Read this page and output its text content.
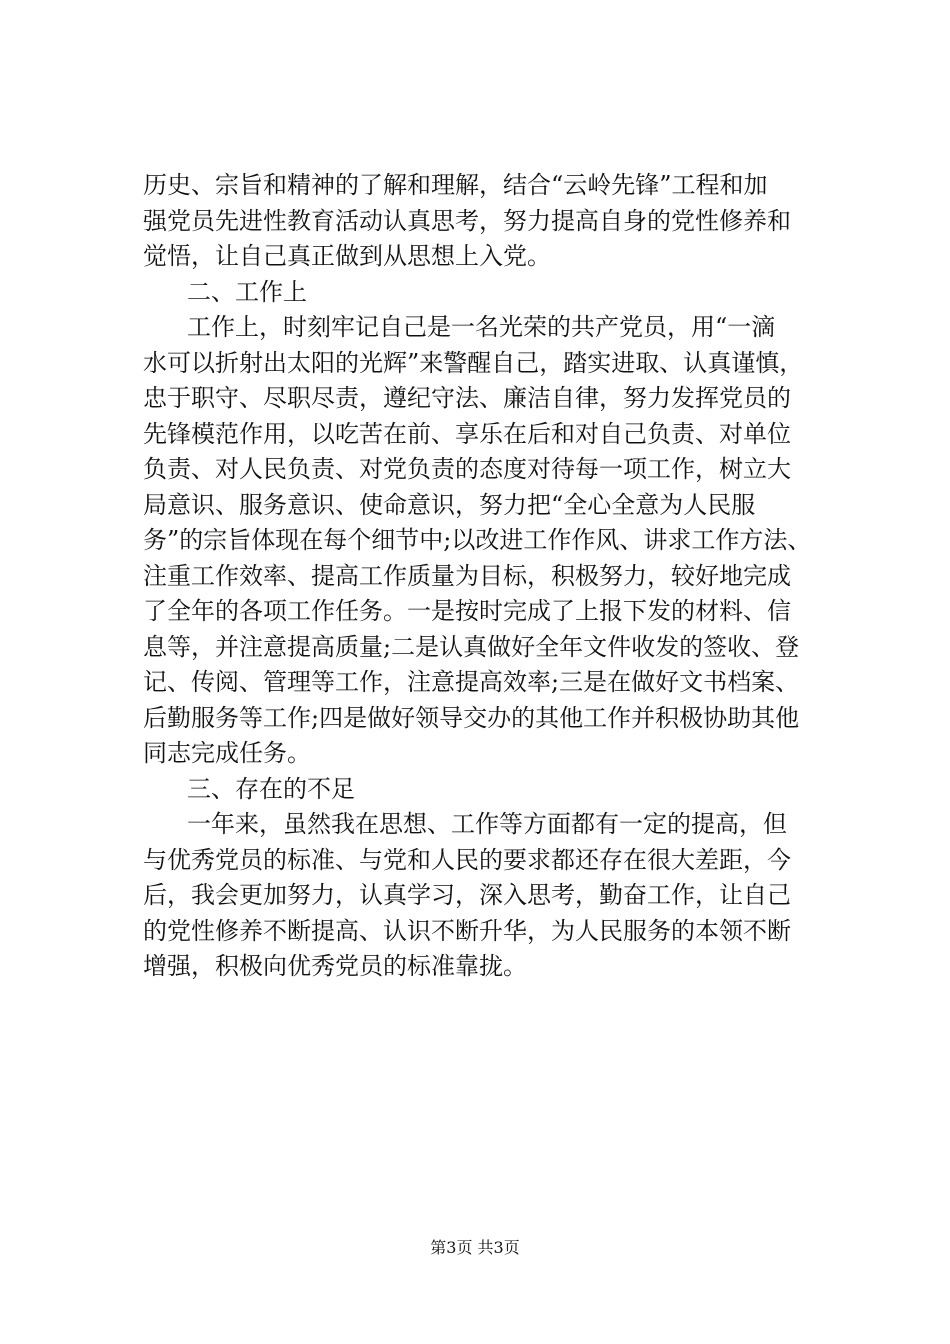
历史、宗旨和精神的了解和理解，结合“云岭先锋”工程和加
强党员先进性教育活动认真思考，努力提高自身的党性修养和
觉悟，让自己真正做到从思想上入党。
二、工作上
工作上，时刻牢记自己是一名光荣的共产党员，用“一滴
水可以折射出太阳的光辉”来警醒自己，踏实进取、认真谨慎，
忠于职守、尽职尽责，遵纪守法、廉洁自律，努力发挥党员的
先锋模范作用，以吃苦在前、享乐在后和对自己负责、对单位
负责、对人民负责、对党负责的态度对待每一项工作，树立大
局意识、服务意识、使命意识，努力把“全心全意为人民服
务”的宗旨体现在每个细节中;以改进工作作风、讲求工作方法、
注重工作效率、提高工作质量为目标，积极努力，较好地完成
了全年的各项工作任务。一是按时完成了上报下发的材料、信
息等，并注意提高质量;二是认真做好全年文件收发的签收、登
记、传阅、管理等工作，注意提高效率;三是在做好文书档案、
后勤服务等工作;四是做好领导交办的其他工作并积极协助其他
同志完成任务。
三、存在的不足
一年来，虽然我在思想、工作等方面都有一定的提高，但
与优秀党员的标准、与党和人民的要求都还存在很大差距，今
后，我会更加努力，认真学习，深入思考，勤奋工作，让自己
的党性修养不断提高、认识不断升华，为人民服务的本领不断
增强，积极向优秀党员的标准靠拢。
第3页 共3页
